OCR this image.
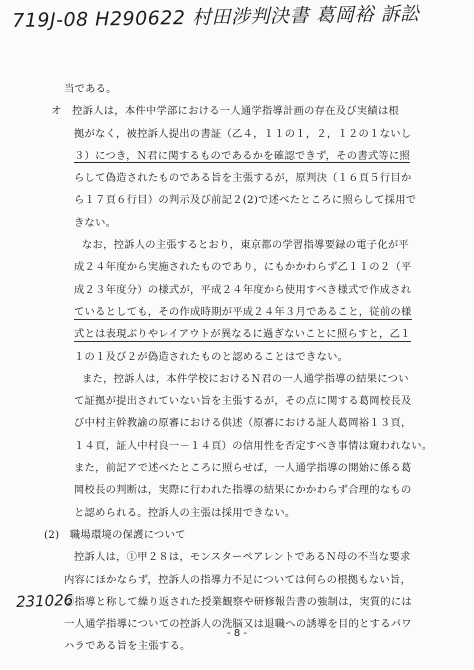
719J-08 H290622 村田涉判決書 葛岡裕 訴訟

当である。

オ　控訴人は，本件中学部における一人通学指導計画の存在及び実績は根

拠がなく，被控訴人提出の書証（乙４，１１の１，２，１２の１ないし

３）につき，Ｎ君に関するものであるかを確認できず，その書式等に照

らして偽造されたものである旨を主張するが，原判決（１６頁５行目か

ら１７頁６行目）の判示及び前記２(2)で述べたところに照らして採用で

きない。

なお，控訴人の主張するとおり，東京都の学習指導要録の電子化が平

成２４年度から実施されたものであり，にもかかわらず乙１１の２（平

成２３年度分）の様式が，平成２４年度から使用すべき様式で作成され

ているとしても，その作成時期が平成２４年３月であること，従前の様

式とは表現ぶりやレイアウトが異なるに過ぎないことに照らすと，乙１

１の１及び２が偽造されたものと認めることはできない。

また，控訴人は，本件学校におけるＮ君の一人通学指導の結果につい

て証拠が提出されていない旨を主張するが，その点に関する葛岡校長及

び中村主幹教諭の原審における供述（原審における証人葛岡裕１３頁，

１４頁，証人中村良一－１４頁）の信用性を否定すべき事情は窺われない。

また，前記アで述べたところに照らせば，一人通学指導の開始に係る葛

岡校長の判断は，実際に行われた指導の結果にかかわらず合理的なもの

と認められる。控訴人の主張は採用できない。

(2)　職場環境の保護について

控訴人は，①甲２８は，モンスターペアレントであるＮ母の不当な要求

内容にほかならず，控訴人の指導力不足については何らの根拠もない旨，

②指導と称して繰り返された授業観察や研修報告書の強制は，実質的には

一人通学指導についての控訴人の洗脳又は退職への誘導を目的とするパワ

ハラである旨を主張する。

231026
- 8 -
